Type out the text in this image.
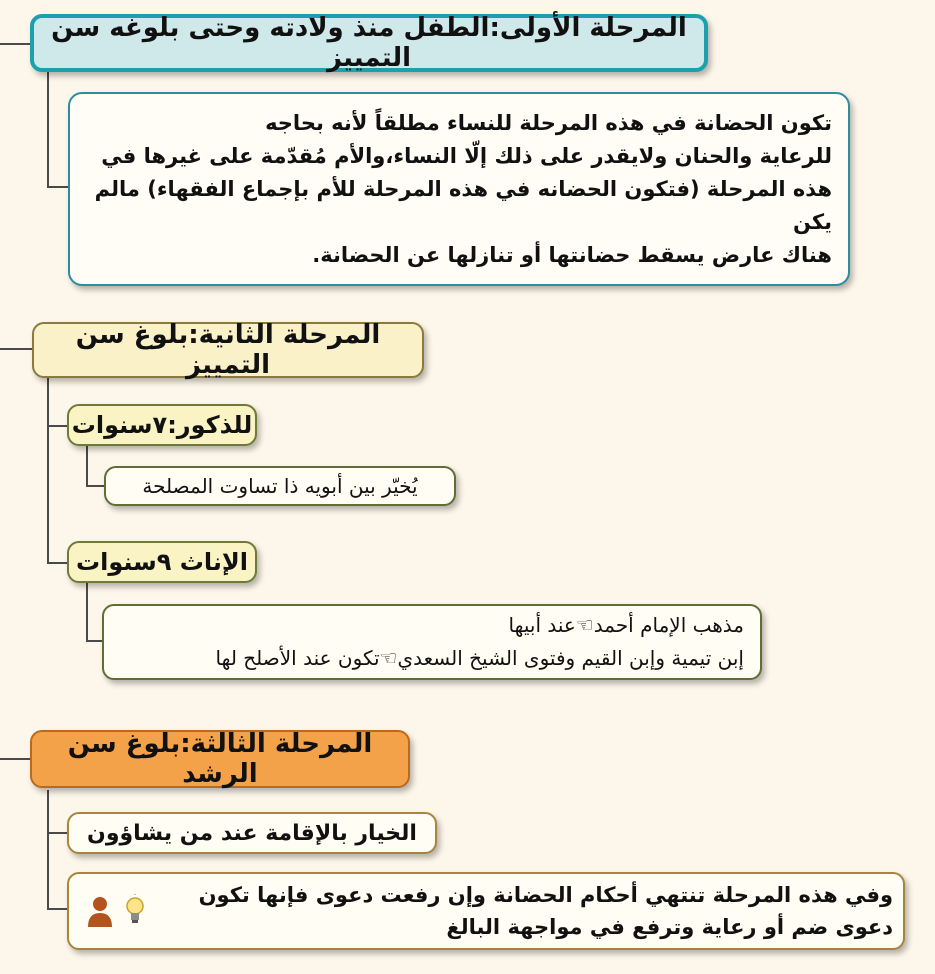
المرحلة الأولى:الطفل منذ ولادته وحتى بلوغه سن التمييز
تكون الحضانة في هذه المرحلة للنساء مطلقاً لأنه بحاجه
للرعاية والحنان ولايقدر على ذلك إلّا النساء،والأم مُقدّمة على غيرها في
هذه المرحلة (فتكون الحضانه في هذه المرحلة للأم بإجماع الفقهاء) مالم
يكن
هناك عارض يسقط حضانتها أو تنازلها عن الحضانة.
المرحلة الثانية:بلوغ سن التمييز
للذكور:٧سنوات
يُخيّر بين أبويه ذا تساوت المصلحة
الإناث ٩سنوات
مذهب الإمام أحمد☜عند أبيها
إبن تيمية وإبن القيم وفتوى الشيخ السعدي☜تكون عند الأصلح لها
المرحلة الثالثة:بلوغ سن الرشد
الخيار بالإقامة عند من يشاؤون
وفي هذه المرحلة تنتهي أحكام الحضانة وإن رفعت دعوى فإنها تكون
دعوى ضم أو رعاية وترفع في مواجهة البالغ
